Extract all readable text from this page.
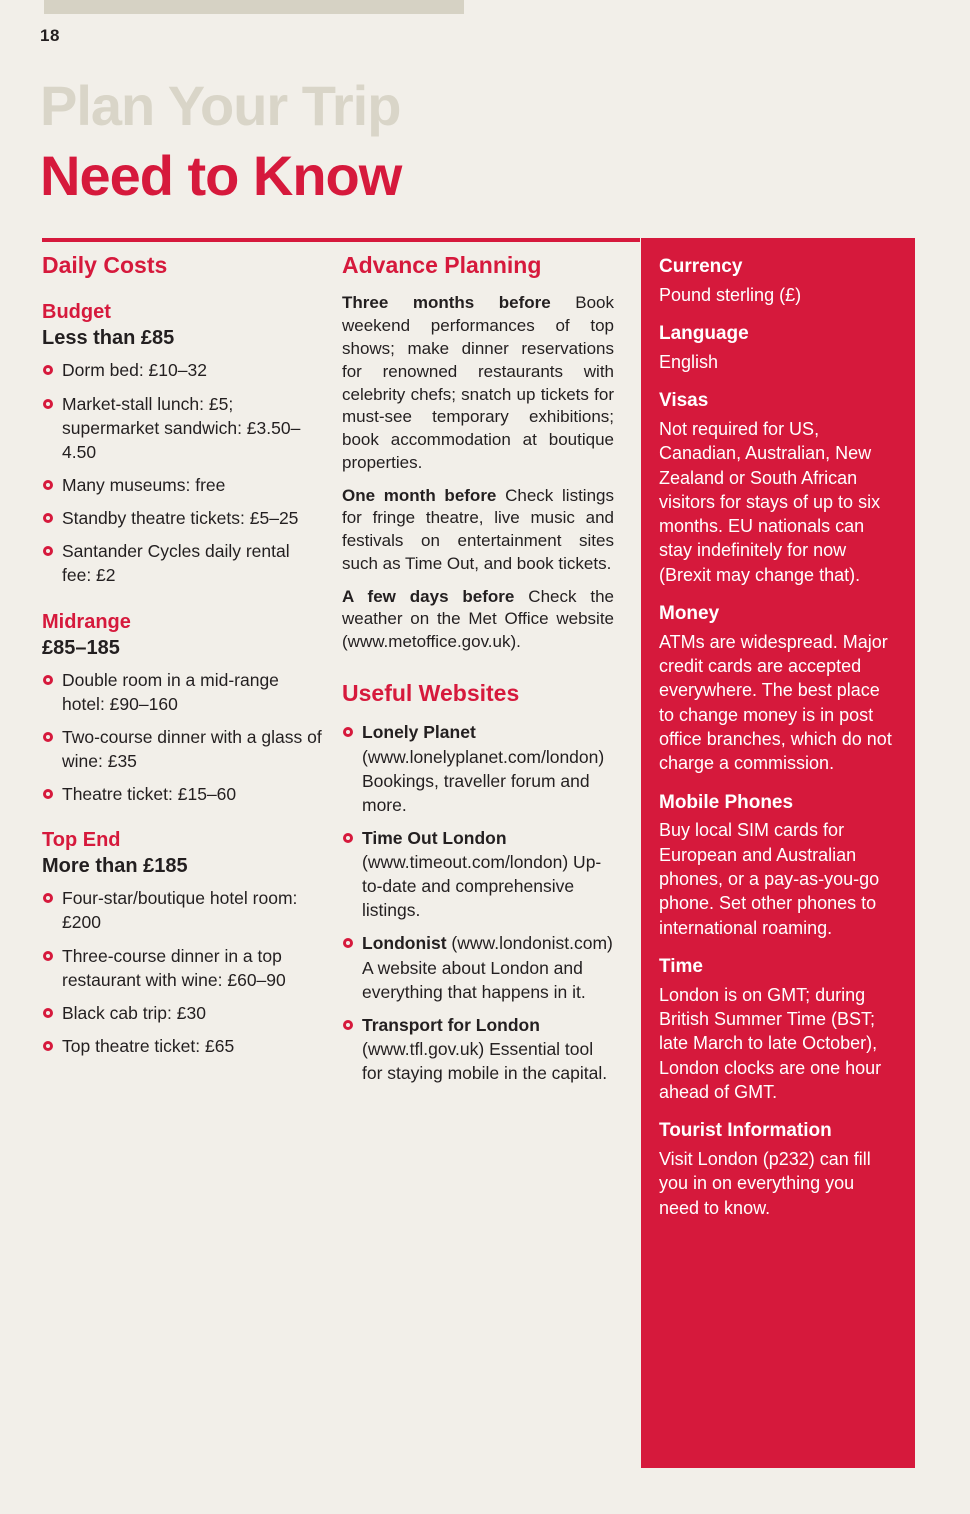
18
Plan Your Trip
Need to Know
Daily Costs
Budget
Less than £85
Dorm bed: £10–32
Market-stall lunch: £5; supermarket sandwich: £3.50–4.50
Many museums: free
Standby theatre tickets: £5–25
Santander Cycles daily rental fee: £2
Midrange
£85–185
Double room in a mid-range hotel: £90–160
Two-course dinner with a glass of wine: £35
Theatre ticket: £15–60
Top End
More than £185
Four-star/boutique hotel room: £200
Three-course dinner in a top restaurant with wine: £60–90
Black cab trip: £30
Top theatre ticket: £65
Advance Planning

Three months before Book weekend performances of top shows; make dinner reservations for renowned restaurants with celebrity chefs; snatch up tickets for must-see temporary exhibitions; book accommodation at boutique properties.

One month before Check listings for fringe theatre, live music and festivals on entertainment sites such as Time Out, and book tickets.

A few days before Check the weather on the Met Office website (www.metoffice.gov.uk).

Useful Websites
Lonely Planet (www.lonelyplanet.com/london) Bookings, traveller forum and more.
Time Out London (www.timeout.com/london) Up-to-date and comprehensive listings.
Londonist (www.londonist.com) A website about London and everything that happens in it.
Transport for London (www.tfl.gov.uk) Essential tool for staying mobile in the capital.
Currency

Pound sterling (£)

Language

English

Visas

Not required for US, Canadian, Australian, New Zealand or South African visitors for stays of up to six months. EU nationals can stay indefinitely for now (Brexit may change that).

Money

ATMs are widespread. Major credit cards are accepted everywhere. The best place to change money is in post office branches, which do not charge a commission.

Mobile Phones

Buy local SIM cards for European and Australian phones, or a pay-as-you-go phone. Set other phones to international roaming.

Time

London is on GMT; during British Summer Time (BST; late March to late October), London clocks are one hour ahead of GMT.

Tourist Information

Visit London (p232) can fill you in on everything you need to know.
